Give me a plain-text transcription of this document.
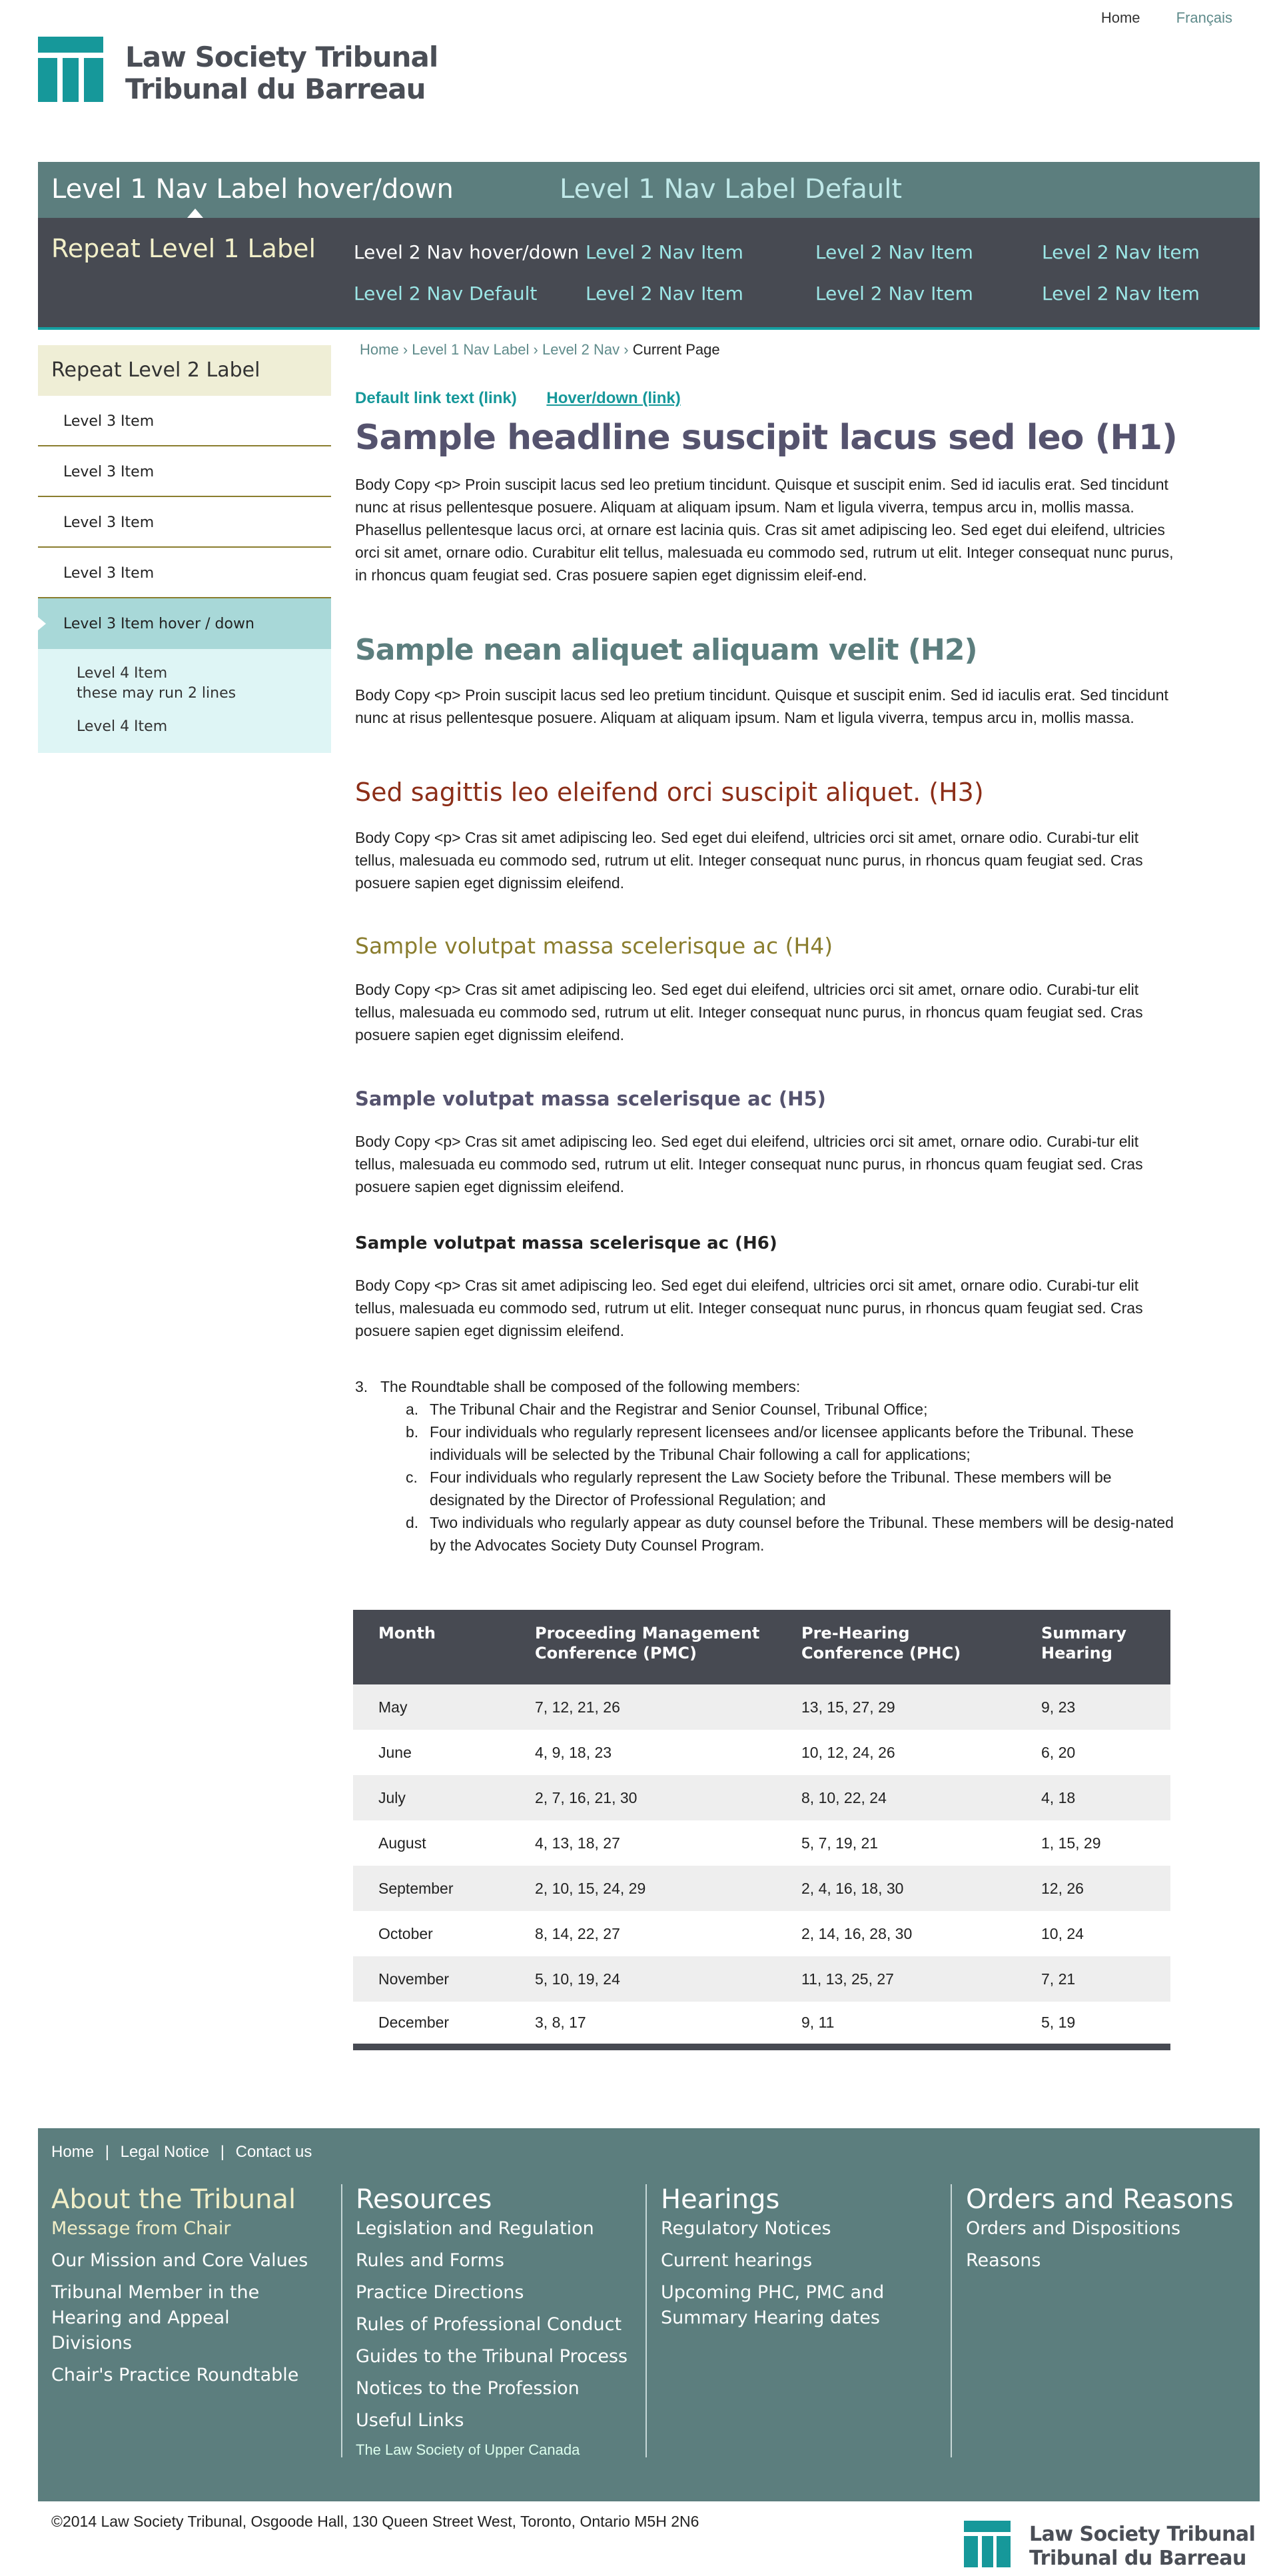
Home Français
Law Society Tribunal
Tribunal du Barreau
Level 1 Nav Label hover/down	Level 1 Nav Label Default
Repeat Level 1 Label Level 2 Nav hover/down Level 2 Nav Item	Level 2 Nav Item	Level 2 Nav Item
Level 2 Nav Default	Level 2 Nav Item	Level 2 Nav Item	Level 2 Nav Item
Repeat Level 2 Label
Level 3 Item
Level 3 Item
Level 3 Item
Level 3 Item
Level 3 Item hover / down
Level 4 Item
these may run 2 lines
Level 4 Item
Home › Level 1 Nav Label › Level 2 Nav › Current Page
Default link text (link) Hover/down (link)
Sample headline suscipit lacus sed leo (H1)
Body Copy <p> Proin suscipit lacus sed leo pretium tincidunt. Quisque et suscipit enim. Sed id iaculis erat. Sed tincidunt nunc at risus pellentesque posuere. Aliquam at aliquam ipsum. Nam et ligula viverra, tempus arcu in, mollis massa. Phasellus pellentesque lacus orci, at ornare est lacinia quis. Cras sit amet adipiscing leo. Sed eget dui eleifend, ultricies orci sit amet, ornare odio. Curabitur elit tellus, malesuada eu commodo sed, rutrum ut elit. Integer consequat nunc purus, in rhoncus quam feugiat sed. Cras posuere sapien eget dignissim eleif-end.
Sample nean aliquet aliquam velit (H2)
Body Copy <p> Proin suscipit lacus sed leo pretium tincidunt. Quisque et suscipit enim. Sed id iaculis erat. Sed tincidunt nunc at risus pellentesque posuere. Aliquam at aliquam ipsum. Nam et ligula viverra, tempus arcu in, mollis massa.
Sed sagittis leo eleifend orci suscipit aliquet. (H3)
Body Copy <p> Cras sit amet adipiscing leo. Sed eget dui eleifend, ultricies orci sit amet, ornare odio. Curabi-tur elit tellus, malesuada eu commodo sed, rutrum ut elit. Integer consequat nunc purus, in rhoncus quam feugiat sed. Cras posuere sapien eget dignissim eleifend.
Sample volutpat massa scelerisque ac (H4)
Body Copy <p> Cras sit amet adipiscing leo. Sed eget dui eleifend, ultricies orci sit amet, ornare odio. Curabi-tur elit tellus, malesuada eu commodo sed, rutrum ut elit. Integer consequat nunc purus, in rhoncus quam feugiat sed. Cras posuere sapien eget dignissim eleifend.
Sample volutpat massa scelerisque ac (H5)
Body Copy <p> Cras sit amet adipiscing leo. Sed eget dui eleifend, ultricies orci sit amet, ornare odio. Curabi-tur elit tellus, malesuada eu commodo sed, rutrum ut elit. Integer consequat nunc purus, in rhoncus quam feugiat sed. Cras posuere sapien eget dignissim eleifend.
Sample volutpat massa scelerisque ac (H6)
Body Copy <p> Cras sit amet adipiscing leo. Sed eget dui eleifend, ultricies orci sit amet, ornare odio. Curabi-tur elit tellus, malesuada eu commodo sed, rutrum ut elit. Integer consequat nunc purus, in rhoncus quam feugiat sed. Cras posuere sapien eget dignissim eleifend.
3. The Roundtable shall be composed of the following members:
a. The Tribunal Chair and the Registrar and Senior Counsel, Tribunal Office;
b. Four individuals who regularly represent licensees and/or licensee applicants before the Tribunal. These individuals will be selected by the Tribunal Chair following a call for applications;
c. Four individuals who regularly represent the Law Society before the Tribunal. These members will be designated by the Director of Professional Regulation; and
d. Two individuals who regularly appear as duty counsel before the Tribunal. These members will be desig-nated by the Advocates Society Duty Counsel Program.
Month	Proceeding Management Conference (PMC)	Pre-Hearing Conference (PHC)	Summary Hearing
May	7, 12, 21, 26	13, 15, 27, 29	9, 23
June	4, 9, 18, 23	10, 12, 24, 26	6, 20
July	2, 7, 16, 21, 30	8, 10, 22, 24	4, 18
August	4, 13, 18, 27	5, 7, 19, 21	1, 15, 29
September	2, 10, 15, 24, 29	2, 4, 16, 18, 30	12, 26
October	8, 14, 22, 27	2, 14, 16, 28, 30	10, 24
November	5, 10, 19, 24	11, 13, 25, 27	7, 21
December	3, 8, 17	9, 11	5, 19
Home | Legal Notice | Contact us
About the Tribunal
Message from Chair
Our Mission and Core Values
Tribunal Member in the Hearing and Appeal Divisions
Chair's Practice Roundtable
Resources
Legislation and Regulation
Rules and Forms
Practice Directions
Rules of Professional Conduct
Guides to the Tribunal Process
Notices to the Profession
Useful Links
The Law Society of Upper Canada
Hearings
Regulatory Notices
Current hearings
Upcoming PHC, PMC and Summary Hearing dates
Orders and Reasons
Orders and Dispositions
Reasons
©2014 Law Society Tribunal, Osgoode Hall, 130 Queen Street West, Toronto, Ontario M5H 2N6
Law Society Tribunal
Tribunal du Barreau
